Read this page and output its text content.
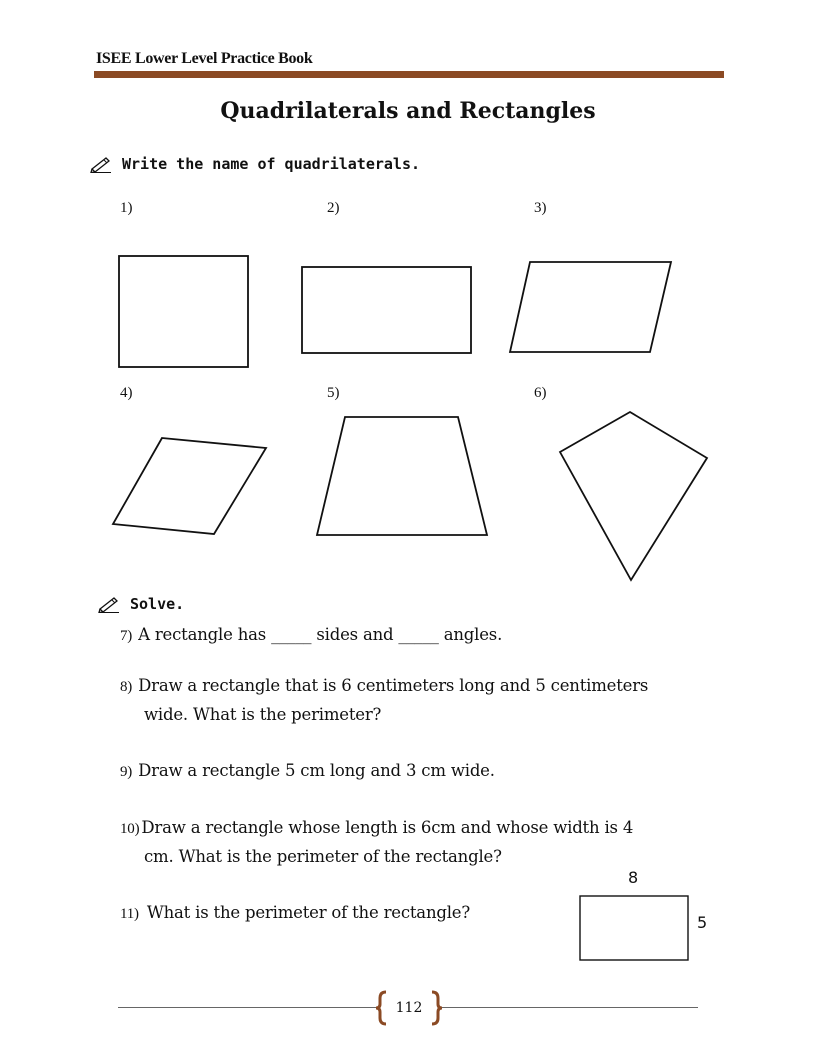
ISEE Lower Level Practice Book
Quadrilaterals and Rectangles
Write the name of quadrilaterals.
1)	2)	3)
4)	5)	6)
Solve.
7) A rectangle has _____ sides and _____ angles.
8) Draw a rectangle that is 6 centimeters long and 5 centimeters
wide. What is the perimeter?
9) Draw a rectangle 5 cm long and 3 cm wide.
10) Draw a rectangle whose length is 6cm and whose width is 4
cm. What is the perimeter of the rectangle?
11) What is the perimeter of the rectangle?
8
5
112
